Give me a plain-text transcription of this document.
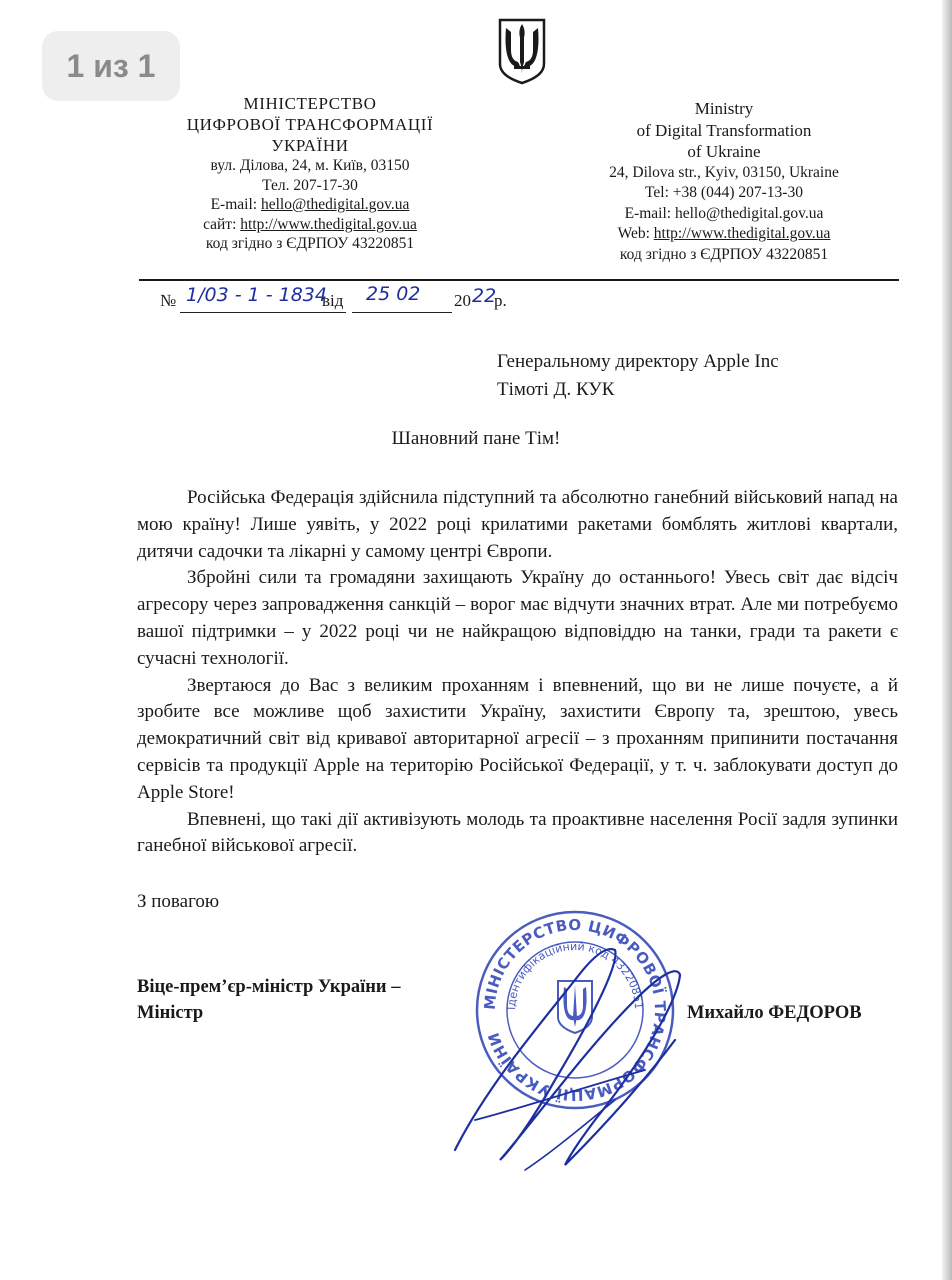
1 из 1
МІНІСТЕРСТВО
ЦИФРОВОЇ ТРАНСФОРМАЦІЇ
УКРАЇНИ
вул. Ділова, 24, м. Київ, 03150
Тел. 207-17-30
E-mail: hello@thedigital.gov.ua
сайт: http://www.thedigital.gov.ua
код згідно з ЄДРПОУ 43220851
Ministry
of Digital Transformation
of Ukraine
24, Dilova str., Kyiv, 03150, Ukraine
Tel: +38 (044) 207-13-30
E-mail: hello@thedigital.gov.ua
Web: http://www.thedigital.gov.ua
код згідно з ЄДРПОУ 43220851
№ 1/03 - 1 - 1834
від 25 02 20 22
р.
Генеральному директору Apple Inc
Тімоті Д. КУК
Шановний пане Тім!

Російська Федерація здійснила підступний та абсолютно ганебний військовий напад на мою країну! Лише уявіть, у 2022 році крилатими ракетами бомблять житлові квартали, дитячи садочки та лікарні у самому центрі Європи.

Збройні сили та громадяни захищають Україну до останнього! Увесь світ дає відсіч агресору через запровадження санкцій – ворог має відчути значних втрат. Але ми потребуємо вашої підтримки – у 2022 році чи не найкращою відповіддю на танки, гради та ракети є сучасні технології.

Звертаюся до Вас з великим проханням і впевнений, що ви не лише почуєте, а й зробите все можливе щоб захистити Україну, захистити Європу та, зрештою, увесь демократичний світ від кривавої авторитарної агресії – з проханням припинити постачання сервісів та продукції Apple на територію Російської Федерації, у т. ч. заблокувати доступ до Apple Store!

Впевнені, що такі дії активізують молодь та проактивне населення Росії задля зупинки ганебної військової агресії.

З повагою
Віце-прем’єр-міністр України –
Міністр
МІНІСТЕРСТВО ЦИФРОВОЇ ТРАНСФОРМАЦІЇ УКРАЇНИ
Ідентифікаційний код 43220851 Михайло ФЕДОРОВ
